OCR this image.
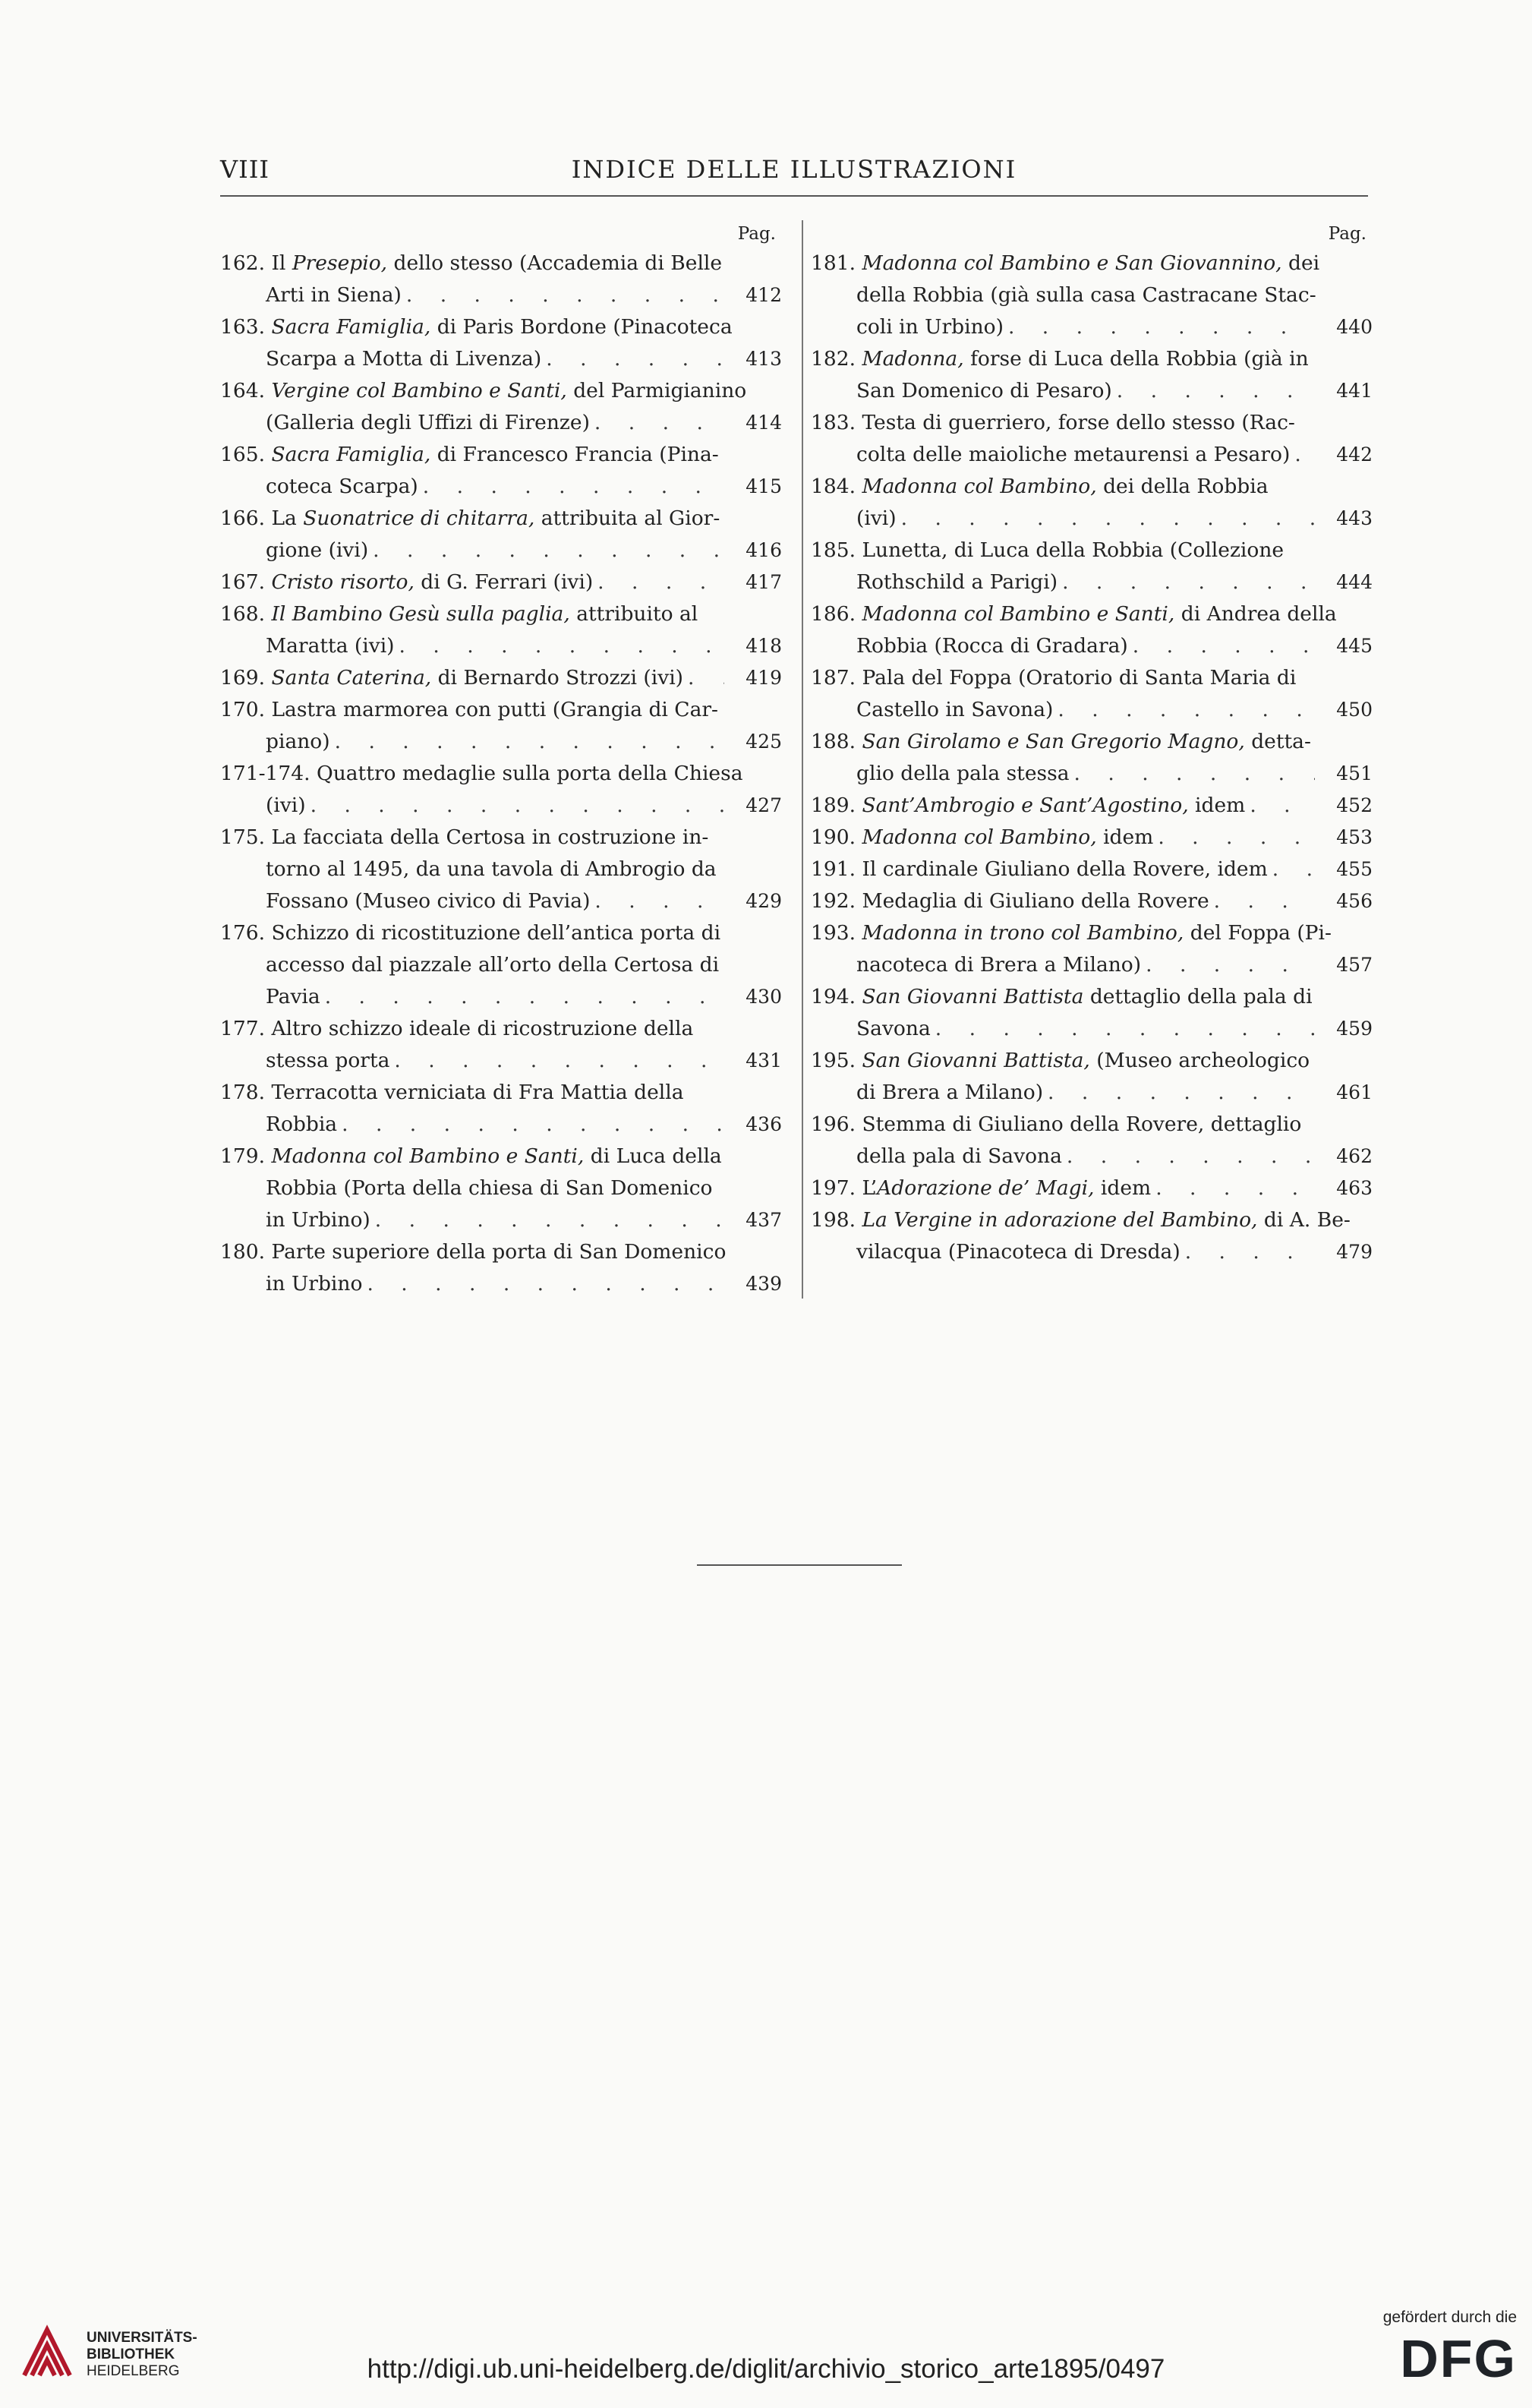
VIII	INDICE DELLE ILLUSTRAZIONI
Pag.
162. Il Presepio, dello stesso (Accademia di Belle
Arti in Siena) . . .	412
163. Sacra Famiglia, di Paris Bordone (Pinacoteca
Scarpa a Motta di Livenza) . . .	413
164. Vergine col Bambino e Santi, del Parmigianino
(Galleria degli Uffizi di Firenze) . . .	414
165. Sacra Famiglia, di Francesco Francia (Pina-
coteca Scarpa) . . .	415
166. La Suonatrice di chitarra, attribuita al Gior-
gione (ivi) . . .	416
167. Cristo risorto, di G. Ferrari (ivi) . . .	417
168. Il Bambino Gesù sulla paglia, attribuito al
Maratta (ivi) . . .	418
169. Santa Caterina, di Bernardo Strozzi (ivi) . . .	419
170. Lastra marmorea con putti (Grangia di Car-
piano) . . .	425
171-174. Quattro medaglie sulla porta della Chiesa
(ivi) . . .	427
175. La facciata della Certosa in costruzione in-
torno al 1495, da una tavola di Ambrogio da
Fossano (Museo civico di Pavia) . . .	429
176. Schizzo di ricostituzione dell’antica porta di
accesso dal piazzale all’orto della Certosa di
Pavia . . .	430
177. Altro schizzo ideale di ricostruzione della
stessa porta . . .	431
178. Terracotta verniciata di Fra Mattia della
Robbia . . .	436
179. Madonna col Bambino e Santi, di Luca della
Robbia (Porta della chiesa di San Domenico
in Urbino) . . .	437
180. Parte superiore della porta di San Domenico
in Urbino . . .	439
Pag.
181. Madonna col Bambino e San Giovannino, dei
della Robbia (già sulla casa Castracane Stac-
coli in Urbino) . . .	440
182. Madonna, forse di Luca della Robbia (già in
San Domenico di Pesaro) . . .	441
183. Testa di guerriero, forse dello stesso (Rac-
colta delle maioliche metaurensi a Pesaro) . . .	442
184. Madonna col Bambino, dei della Robbia
(ivi) . . .	443
185. Lunetta, di Luca della Robbia (Collezione
Rothschild a Parigi) . . .	444
186. Madonna col Bambino e Santi, di Andrea della
Robbia (Rocca di Gradara) . . .	445
187. Pala del Foppa (Oratorio di Santa Maria di
Castello in Savona) . . .	450
188. San Girolamo e San Gregorio Magno, detta-
glio della pala stessa . . .	451
189. Sant’Ambrogio e Sant’Agostino, idem . . .	452
190. Madonna col Bambino, idem . . .	453
191. Il cardinale Giuliano della Rovere, idem . . .	455
192. Medaglia di Giuliano della Rovere . . .	456
193. Madonna in trono col Bambino, del Foppa (Pi-
nacoteca di Brera a Milano) . . .	457
194. San Giovanni Battista dettaglio della pala di
Savona . . .	459
195. San Giovanni Battista, (Museo archeologico
di Brera a Milano) . . .	461
196. Stemma di Giuliano della Rovere, dettaglio
della pala di Savona . . .	462
197. L’Adorazione de’ Magi, idem . . .	463
198. La Vergine in adorazione del Bambino, di A. Be-
vilacqua (Pinacoteca di Dresda) . . .	479
UNIVERSITÄTS-
BIBLIOTHEK
HEIDELBERG	http://digi.ub.uni-heidelberg.de/diglit/archivio_storico_arte1895/0497
gefördert durch die
DFG
